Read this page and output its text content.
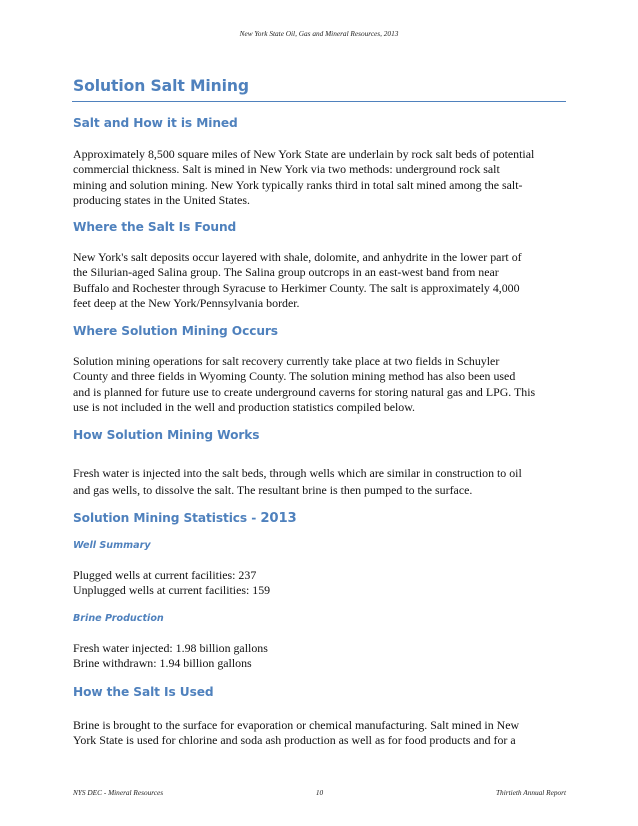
New York State Oil, Gas and Mineral Resources, 2013
Solution Salt Mining
Salt and How it is Mined
Approximately 8,500 square miles of New York State are underlain by rock salt beds of potential
commercial thickness. Salt is mined in New York via two methods: underground rock salt
mining and solution mining. New York typically ranks third in total salt mined among the salt-
producing states in the United States.
Where the Salt Is Found
New York's salt deposits occur layered with shale, dolomite, and anhydrite in the lower part of
the Silurian-aged Salina group. The Salina group outcrops in an east-west band from near
Buffalo and Rochester through Syracuse to Herkimer County. The salt is approximately 4,000
feet deep at the New York/Pennsylvania border.
Where Solution Mining Occurs
Solution mining operations for salt recovery currently take place at two fields in Schuyler
County and three fields in Wyoming County. The solution mining method has also been used
and is planned for future use to create underground caverns for storing natural gas and LPG. This
use is not included in the well and production statistics compiled below.
How Solution Mining Works
Fresh water is injected into the salt beds, through wells which are similar in construction to oil
and gas wells, to dissolve the salt. The resultant brine is then pumped to the surface.
Solution Mining Statistics - 2013
Well Summary
Plugged wells at current facilities: 237
Unplugged wells at current facilities: 159
Brine Production
Fresh water injected: 1.98 billion gallons
Brine withdrawn: 1.94 billion gallons
How the Salt Is Used
Brine is brought to the surface for evaporation or chemical manufacturing. Salt mined in New
York State is used for chlorine and soda ash production as well as for food products and for a
NYS DEC - Mineral Resources	10	Thirtieth Annual Report
